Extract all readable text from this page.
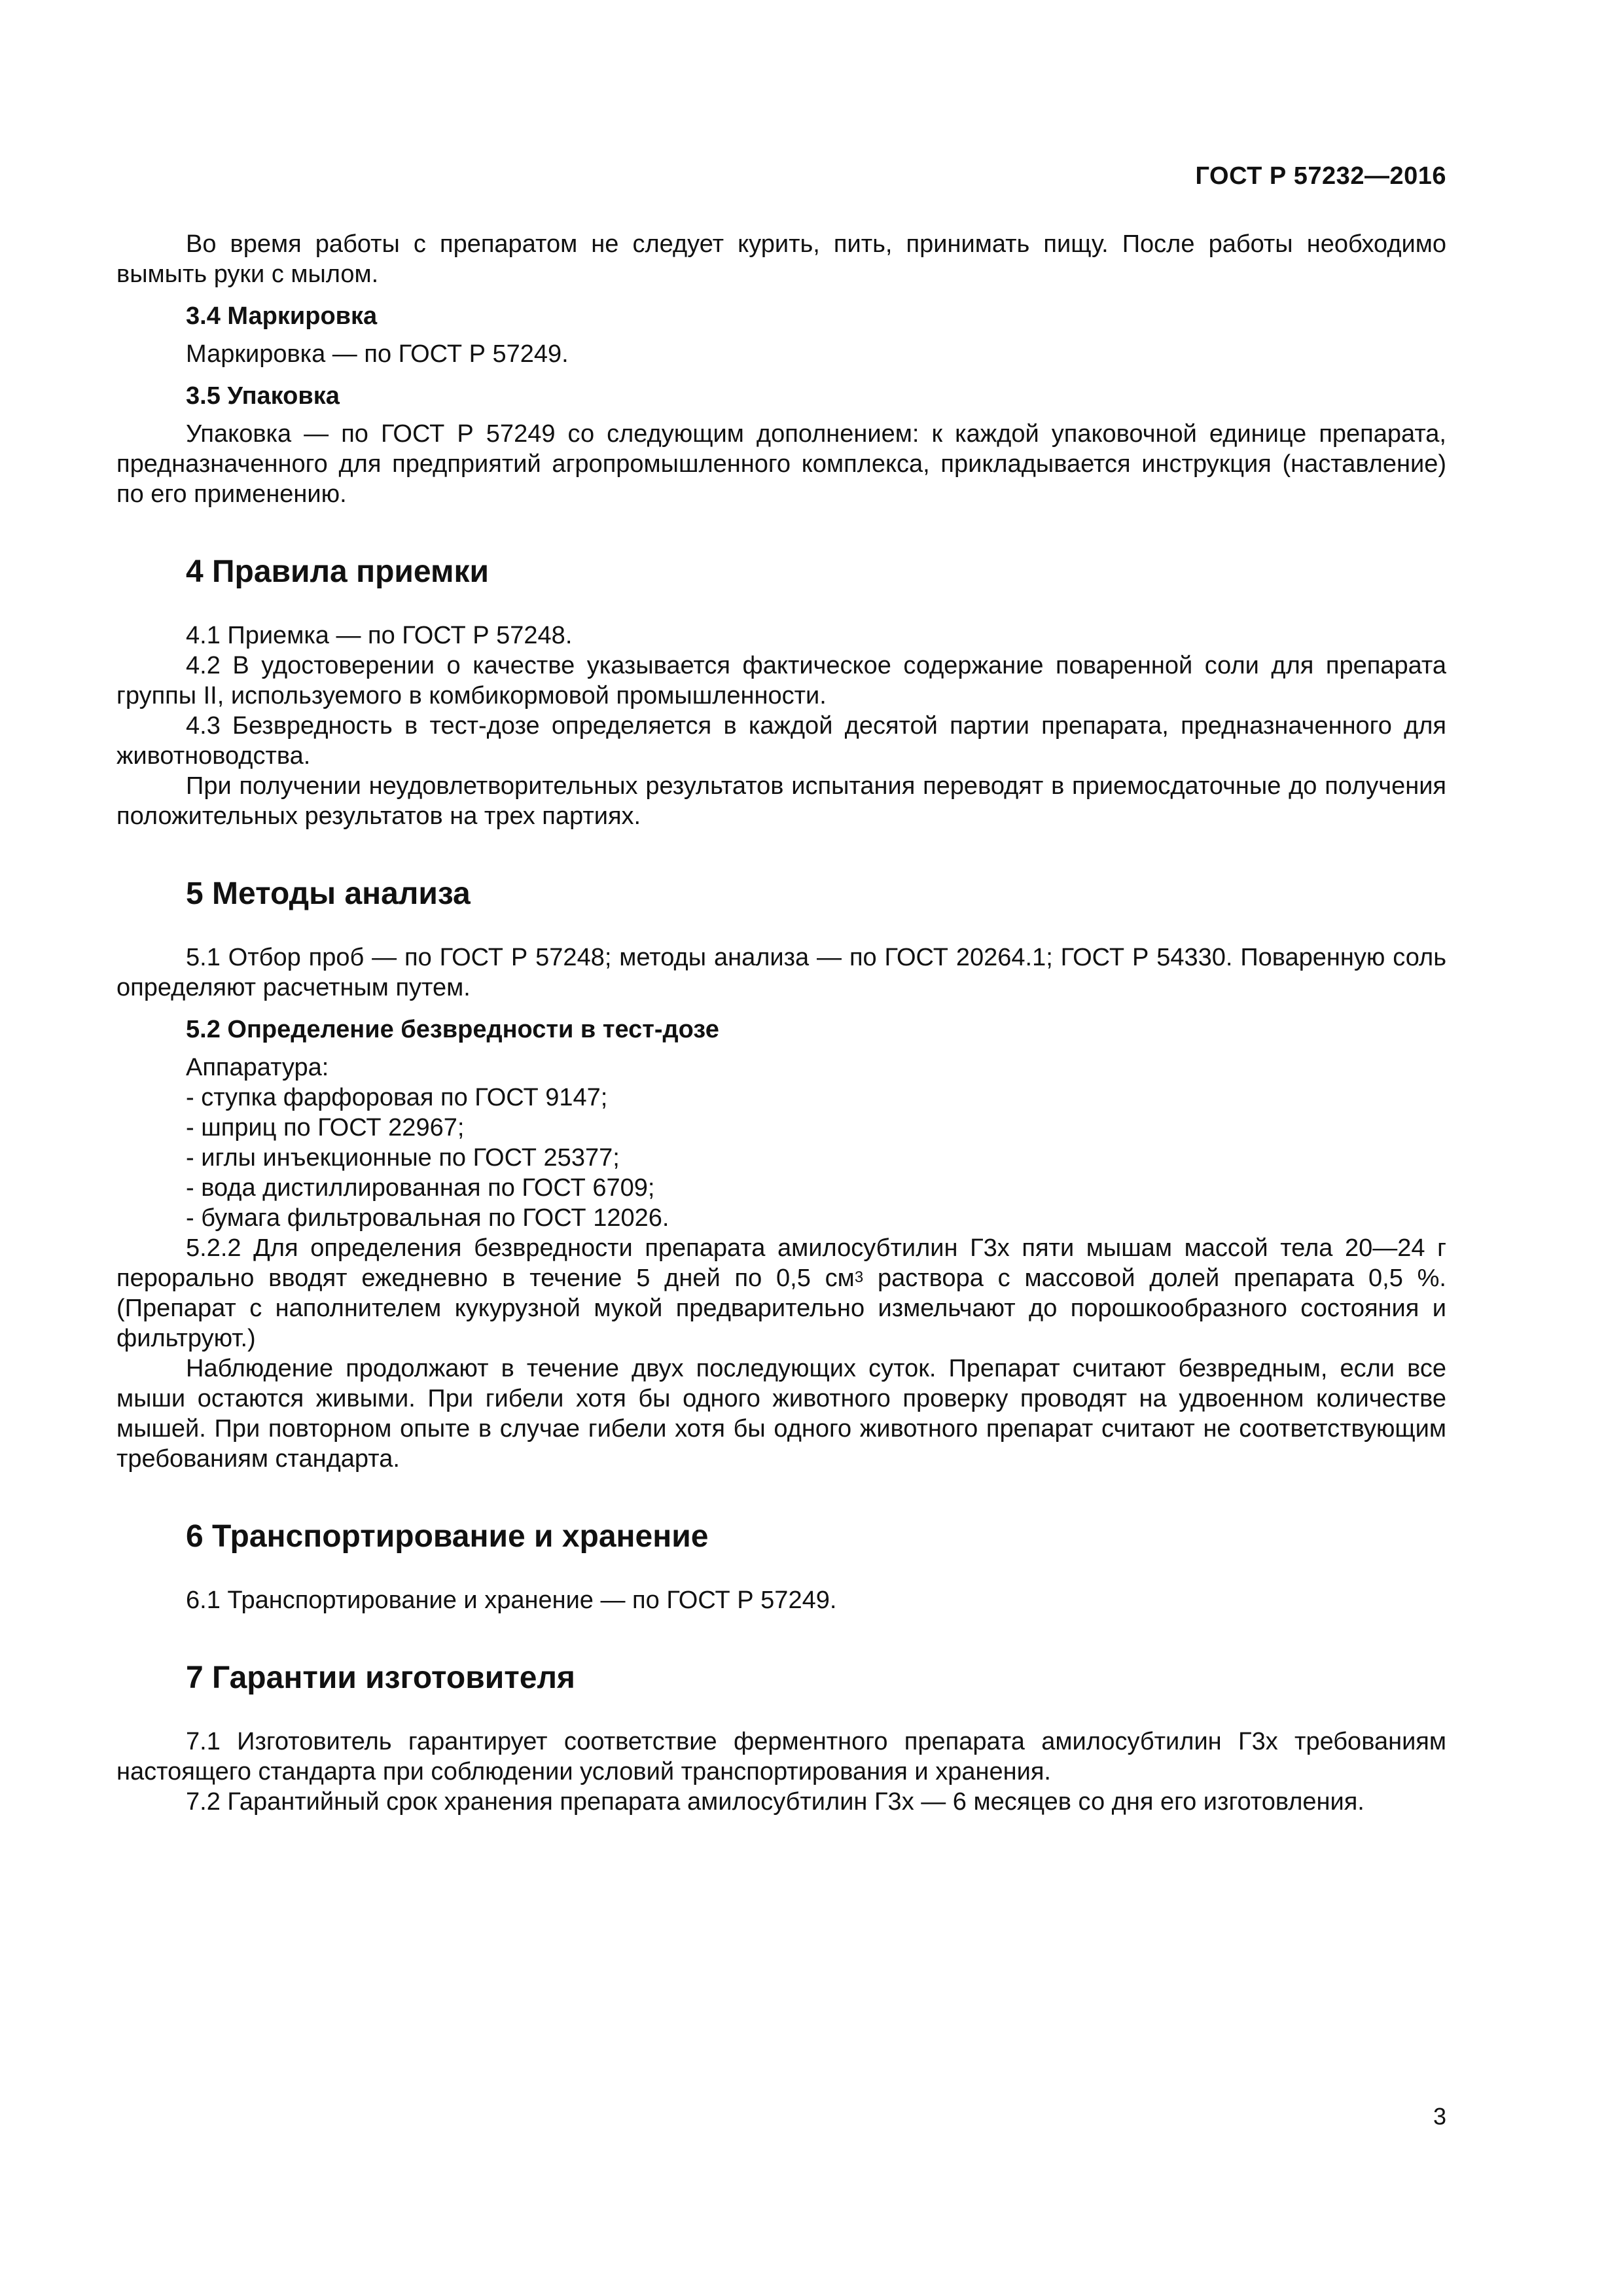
ГОСТ Р 57232—2016

Во время работы с препаратом не следует курить, пить, принимать пищу. После работы необходимо вымыть руки с мылом.

3.4 Маркировка

Маркировка — по ГОСТ Р 57249.

3.5 Упаковка

Упаковка — по ГОСТ Р 57249 со следующим дополнением: к каждой упаковочной единице препарата, предназначенного для предприятий агропромышленного комплекса, прикладывается инструкция (наставление) по его применению.

4 Правила приемки

4.1 Приемка — по ГОСТ Р 57248.

4.2 В удостоверении о качестве указывается фактическое содержание поваренной соли для препарата группы II, используемого в комбикормовой промышленности.

4.3 Безвредность в тест-дозе определяется в каждой десятой партии препарата, предназначенного для животноводства.

При получении неудовлетворительных результатов испытания переводят в приемосдаточные до получения положительных результатов на трех партиях.

5 Методы анализа

5.1 Отбор проб — по ГОСТ Р 57248; методы анализа — по ГОСТ 20264.1; ГОСТ Р 54330. Поваренную соль определяют расчетным путем.

5.2 Определение безвредности в тест-дозе
Аппаратура:
- ступка фарфоровая по ГОСТ 9147;
- шприц по ГОСТ 22967;
- иглы инъекционные по ГОСТ 25377;
- вода дистиллированная по ГОСТ 6709;
- бумага фильтровальная по ГОСТ 12026.

5.2.2 Для определения безвредности препарата амилосубтилин Г3х пяти мышам массой тела 20—24 г перорально вводят ежедневно в течение 5 дней по 0,5 $см^3$ раствора с массовой долей препарата 0,5 %. (Препарат с наполнителем кукурузной мукой предварительно измельчают до порошкообразного состояния и фильтруют.)

Наблюдение продолжают в течение двух последующих суток. Препарат считают безвредным, если все мыши остаются живыми. При гибели хотя бы одного животного проверку проводят на удвоенном количестве мышей. При повторном опыте в случае гибели хотя бы одного животного препарат считают не соответствующим требованиям стандарта.

6 Транспортирование и хранение

6.1 Транспортирование и хранение — по ГОСТ Р 57249.

7 Гарантии изготовителя

7.1 Изготовитель гарантирует соответствие ферментного препарата амилосубтилин Г3х требованиям настоящего стандарта при соблюдении условий транспортирования и хранения.

7.2 Гарантийный срок хранения препарата амилосубтилин Г3х — 6 месяцев со дня его изготовления.

3
